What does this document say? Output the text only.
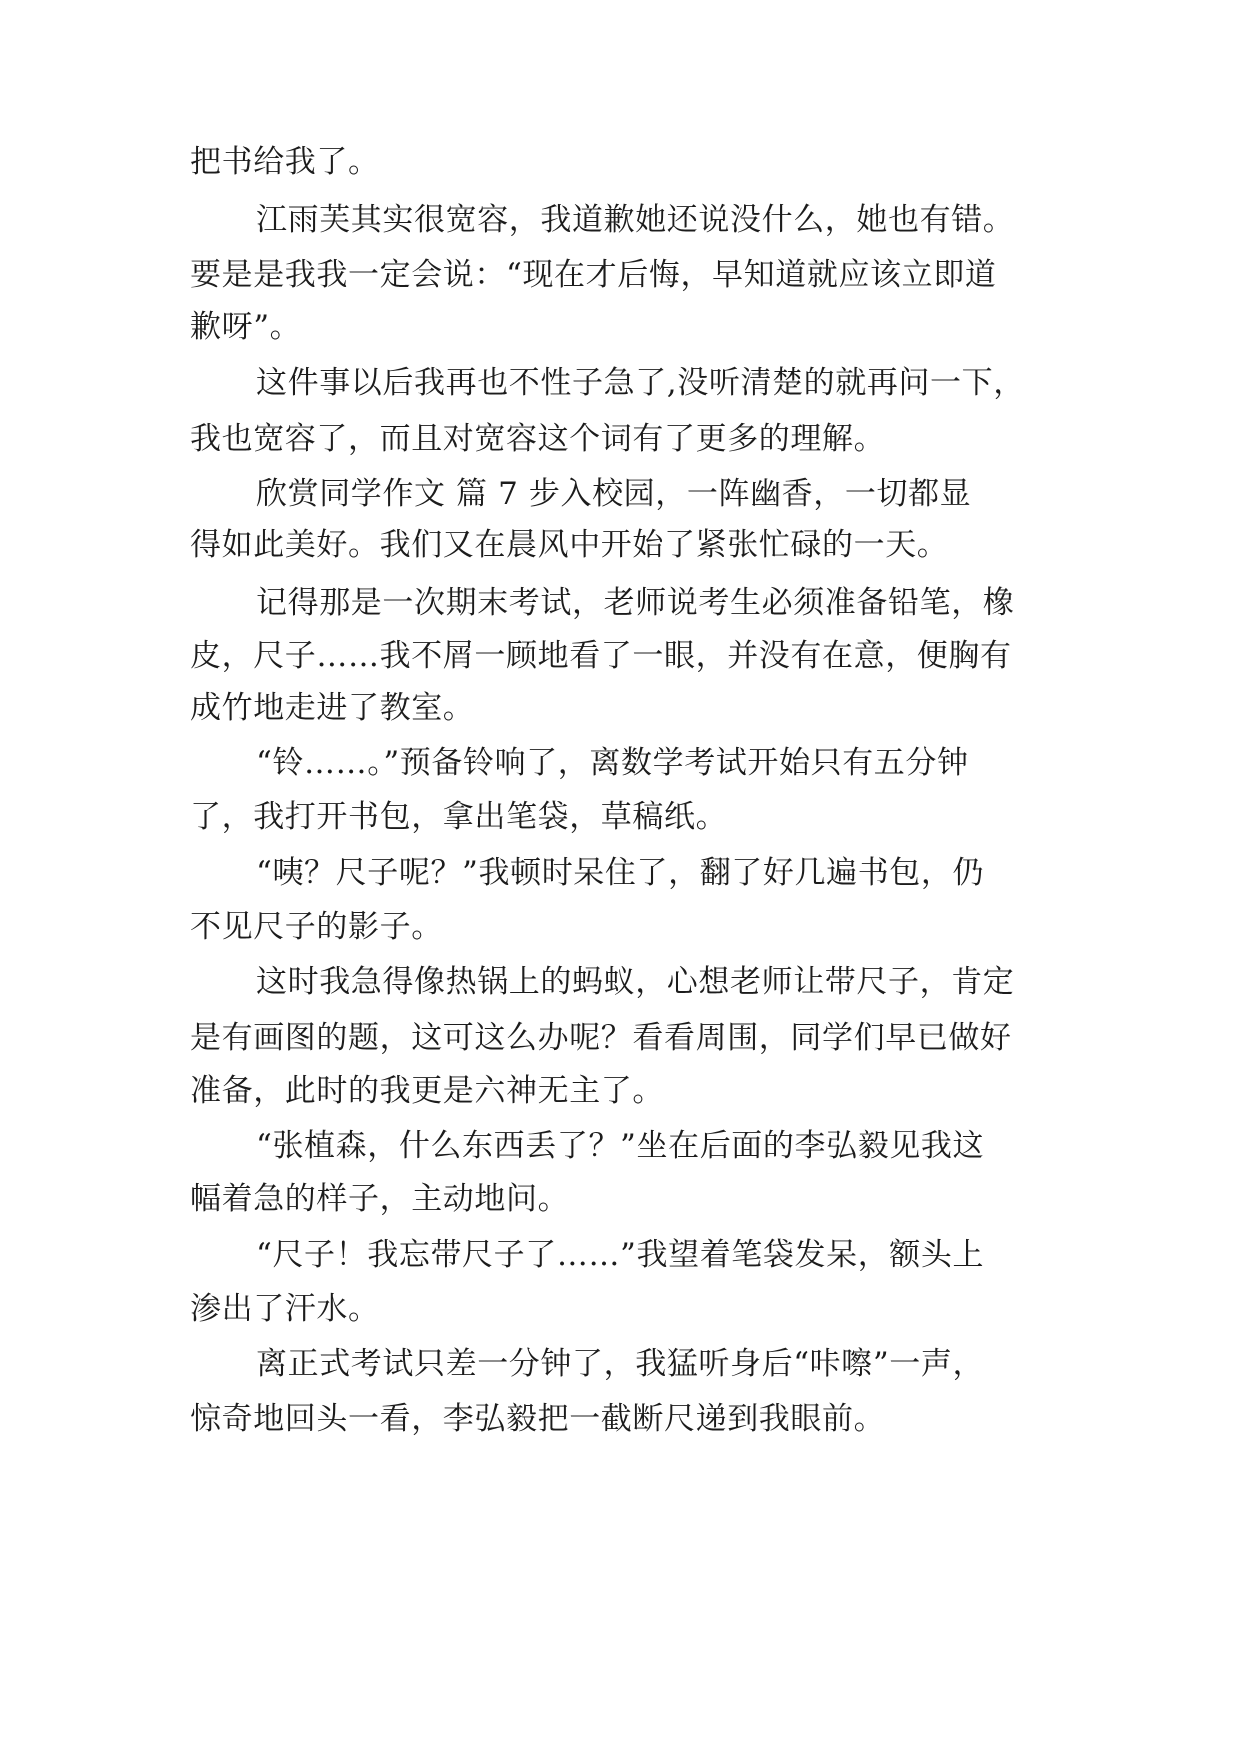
把书给我了。
江雨芙其实很宽容，我道歉她还说没什么，她也有错。
要是是我我一定会说：“现在才后悔，早知道就应该立即道
歉呀”。
这件事以后我再也不性子急了,没听清楚的就再问一下，
我也宽容了，而且对宽容这个词有了更多的理解。
欣赏同学作文 篇 7 步入校园，一阵幽香，一切都显
得如此美好。我们又在晨风中开始了紧张忙碌的一天。
记得那是一次期末考试，老师说考生必须准备铅笔，橡
皮，尺子……我不屑一顾地看了一眼，并没有在意，便胸有
成竹地走进了教室。
“铃……。”预备铃响了，离数学考试开始只有五分钟
了，我打开书包，拿出笔袋，草稿纸。
“咦？尺子呢？”我顿时呆住了，翻了好几遍书包，仍
不见尺子的影子。
这时我急得像热锅上的蚂蚁，心想老师让带尺子，肯定
是有画图的题，这可这么办呢？看看周围，同学们早已做好
准备，此时的我更是六神无主了。
“张植森，什么东西丢了？”坐在后面的李弘毅见我这
幅着急的样子，主动地问。
“尺子！我忘带尺子了……”我望着笔袋发呆，额头上
渗出了汗水。
离正式考试只差一分钟了，我猛听身后“咔嚓”一声，
惊奇地回头一看，李弘毅把一截断尺递到我眼前。
